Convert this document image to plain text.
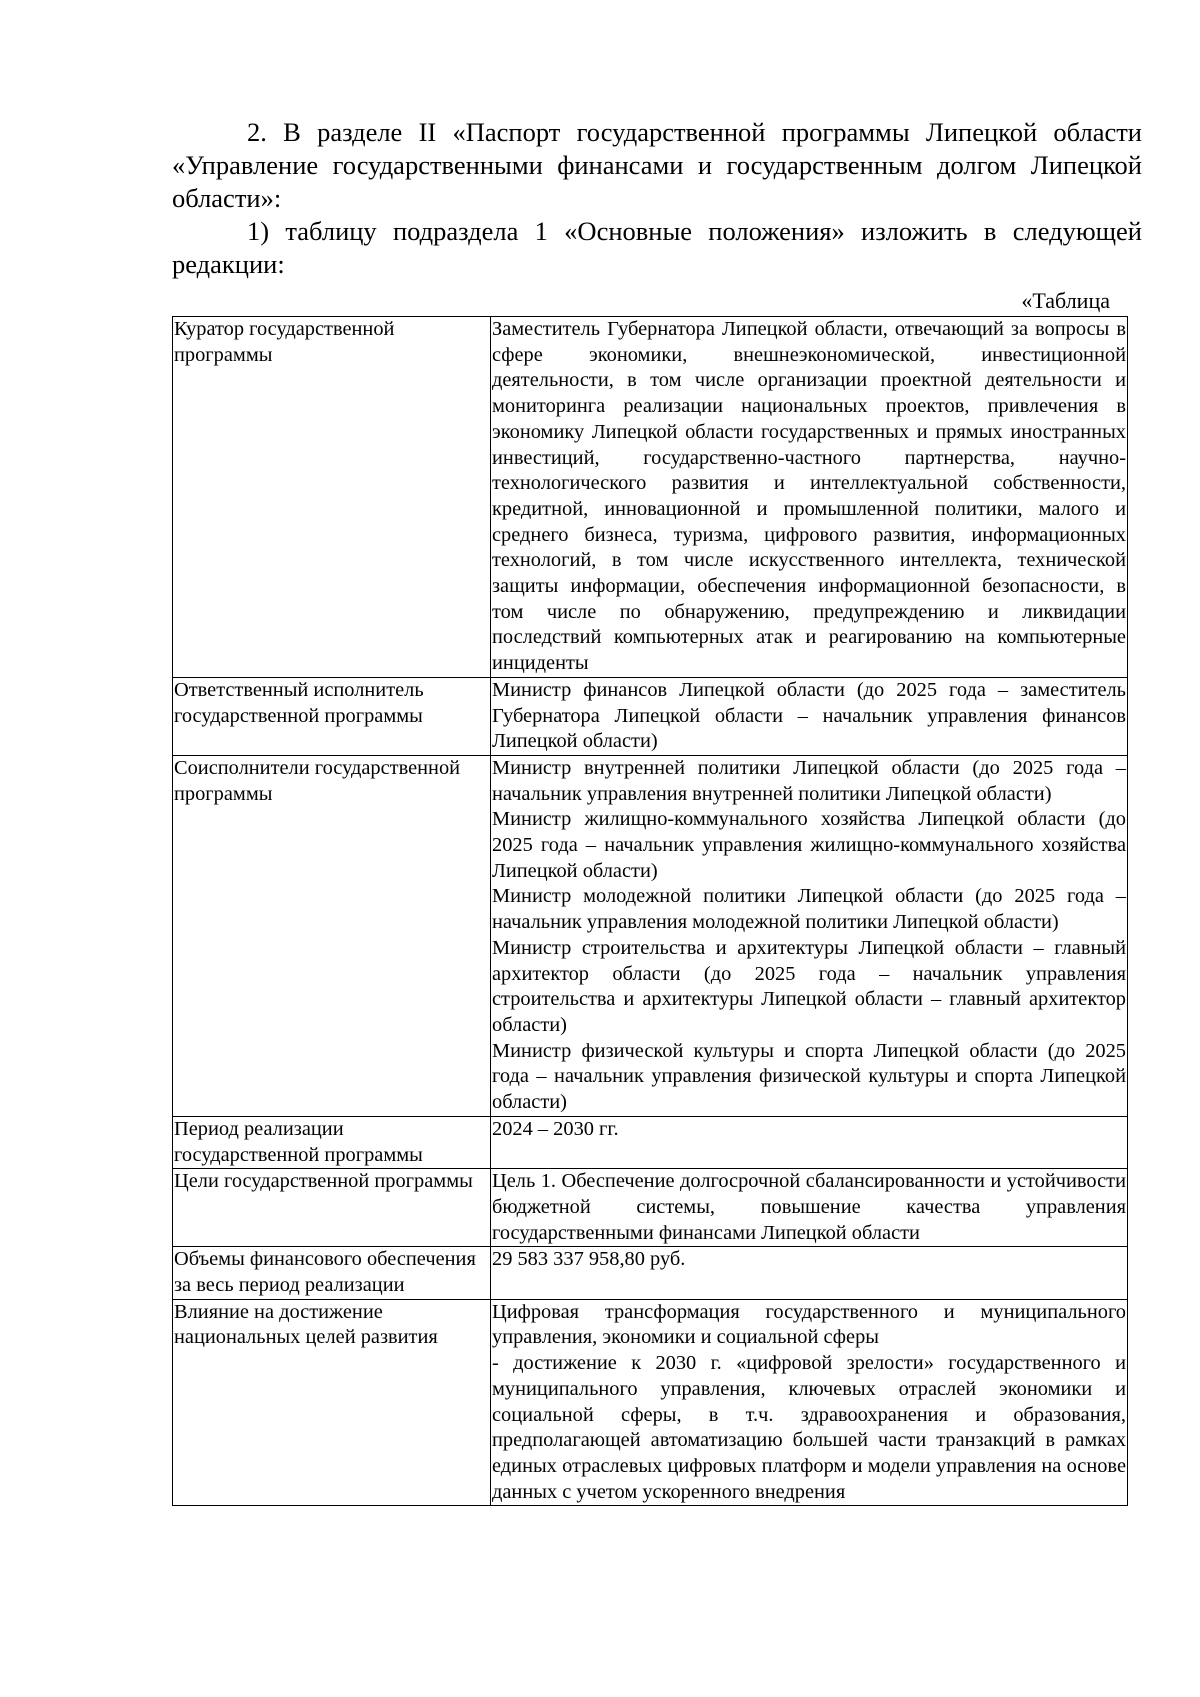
2. В разделе II «Паспорт государственной программы Липецкой области «Управление государственными финансами и государственным долгом Липецкой области»:

1) таблицу подраздела 1 «Основные положения» изложить в следующей редакции:

«Таблица
Куратор государственной программы	Заместитель Губернатора Липецкой области, отвечающий за вопросы в сфере экономики, внешнеэкономической, инвестиционной деятельности, в том числе организации проектной деятельности и мониторинга реализации национальных проектов, привлечения в экономику Липецкой области государственных и прямых иностранных инвестиций, государственно-частного партнерства, научно-технологического развития и интеллектуальной собственности, кредитной, инновационной и промышленной политики, малого и среднего бизнеса, туризма, цифрового развития, информационных технологий, в том числе искусственного интеллекта, технической защиты информации, обеспечения информационной безопасности, в том числе по обнаружению, предупреждению и ликвидации последствий компьютерных атак и реагированию на компьютерные инциденты

Ответственный исполнитель государственной программы	Министр финансов Липецкой области (до 2025 года – заместитель Губернатора Липецкой области – начальник управления финансов Липецкой области)

Соисполнители государственной программы	Министр внутренней политики Липецкой области (до 2025 года – начальник управления внутренней политики Липецкой области)
Министр жилищно-коммунального хозяйства Липецкой области (до 2025 года – начальник управления жилищно-коммунального хозяйства Липецкой области)
Министр молодежной политики Липецкой области (до 2025 года – начальник управления молодежной политики Липецкой области)
Министр строительства и архитектуры Липецкой области – главный архитектор области (до 2025 года – начальник управления строительства и архитектуры Липецкой области – главный архитектор области)
Министр физической культуры и спорта Липецкой области (до 2025 года – начальник управления физической культуры и спорта Липецкой области)

Период реализации государственной программы	2024 – 2030 гг.

Цели государственной программы	Цель 1. Обеспечение долгосрочной сбалансированности и устойчивости бюджетной системы, повышение качества управления государственными финансами Липецкой области

Объемы финансового обеспечения за весь период реализации	29 583 337 958,80 руб.

Влияние на достижение национальных целей развития	Цифровая трансформация государственного и муниципального управления, экономики и социальной сферы
- достижение к 2030 г. «цифровой зрелости» государственного и муниципального управления, ключевых отраслей экономики и социальной сферы, в т.ч. здравоохранения и образования, предполагающей автоматизацию большей части транзакций в рамках единых отраслевых цифровых платформ и модели управления на основе данных с учетом ускоренного внедрения
